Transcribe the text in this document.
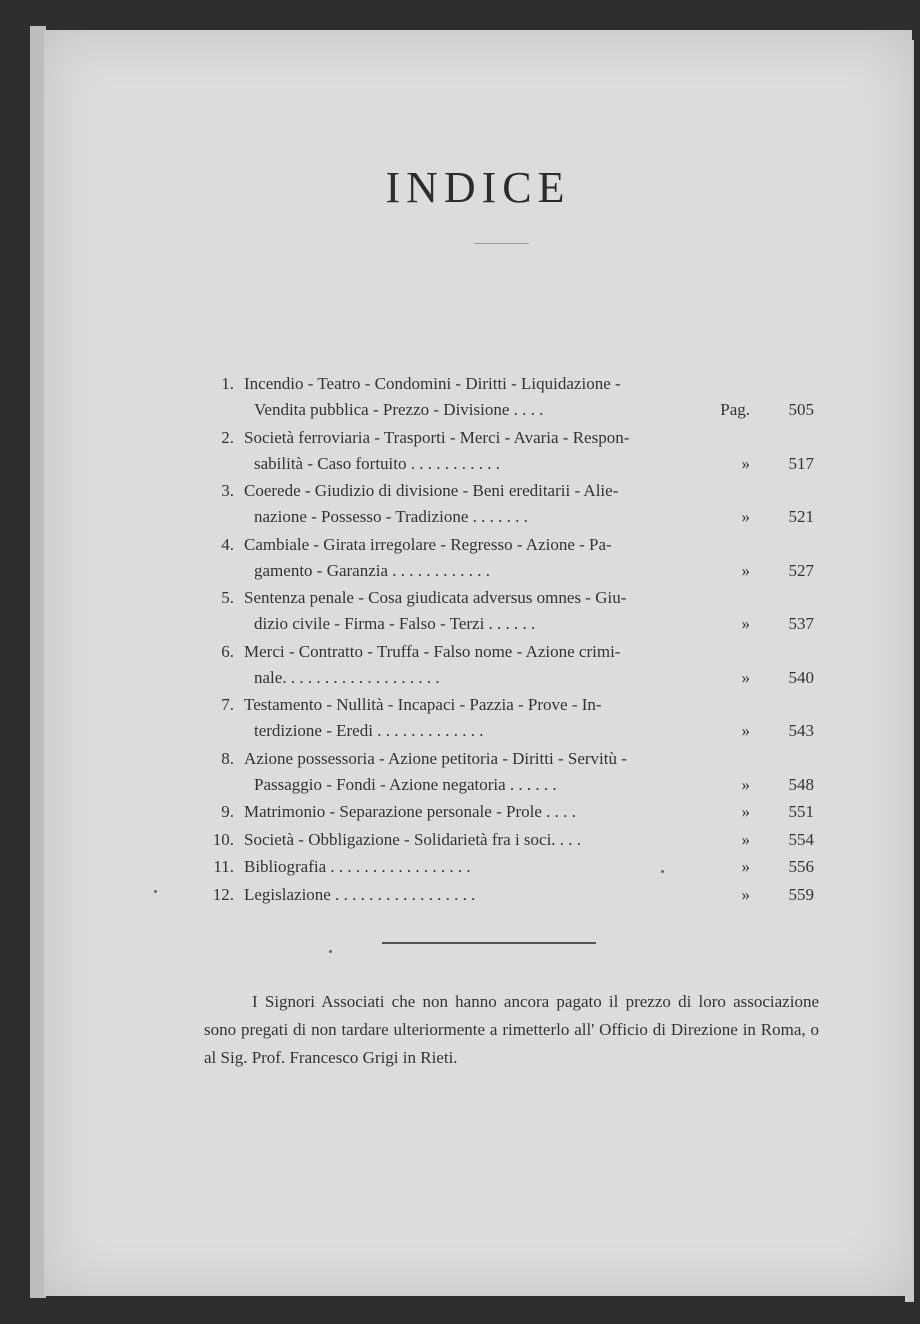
INDICE
1. Incendio - Teatro - Condomini - Diritti - Liquidazione -
Vendita pubblica - Prezzo - Divisione . . . .	Pag.	505
2. Società ferroviaria - Trasporti - Merci - Avaria - Respon-
sabilità - Caso fortuito . . . . . . . . . . .	»	517
3. Coerede - Giudizio di divisione - Beni ereditarii - Alie-
nazione - Possesso - Tradizione . . . . . . .	»	521
4. Cambiale - Girata irregolare - Regresso - Azione - Pa-
gamento - Garanzia . . . . . . . . . . . .	»	527
5. Sentenza penale - Cosa giudicata adversus omnes - Giu-
dizio civile - Firma - Falso - Terzi . . . . . .	»	537
6. Merci - Contratto - Truffa - Falso nome - Azione crimi-
nale. . . . . . . . . . . . . . . . . . .	»	540
7. Testamento - Nullità - Incapaci - Pazzia - Prove - In-
terdizione - Eredi . . . . . . . . . . . . .	»	543
8. Azione possessoria - Azione petitoria - Diritti - Servitù -
Passaggio - Fondi - Azione negatoria . . . . . .	»	548
9. Matrimonio - Separazione personale - Prole . . . .	»	551
10. Società - Obbligazione - Solidarietà fra i soci. . . .	»	554
11. Bibliografia . . . . . . . . . . . . . . . . .	»	556
12. Legislazione . . . . . . . . . . . . . . . . .	»	559
I Signori Associati che non hanno ancora pagato il prezzo di loro associazione sono pregati di non tardare ulteriormente a rimetterlo all' Officio di Direzione in Roma, o al Sig. Prof. Francesco Grigi in Rieti.
